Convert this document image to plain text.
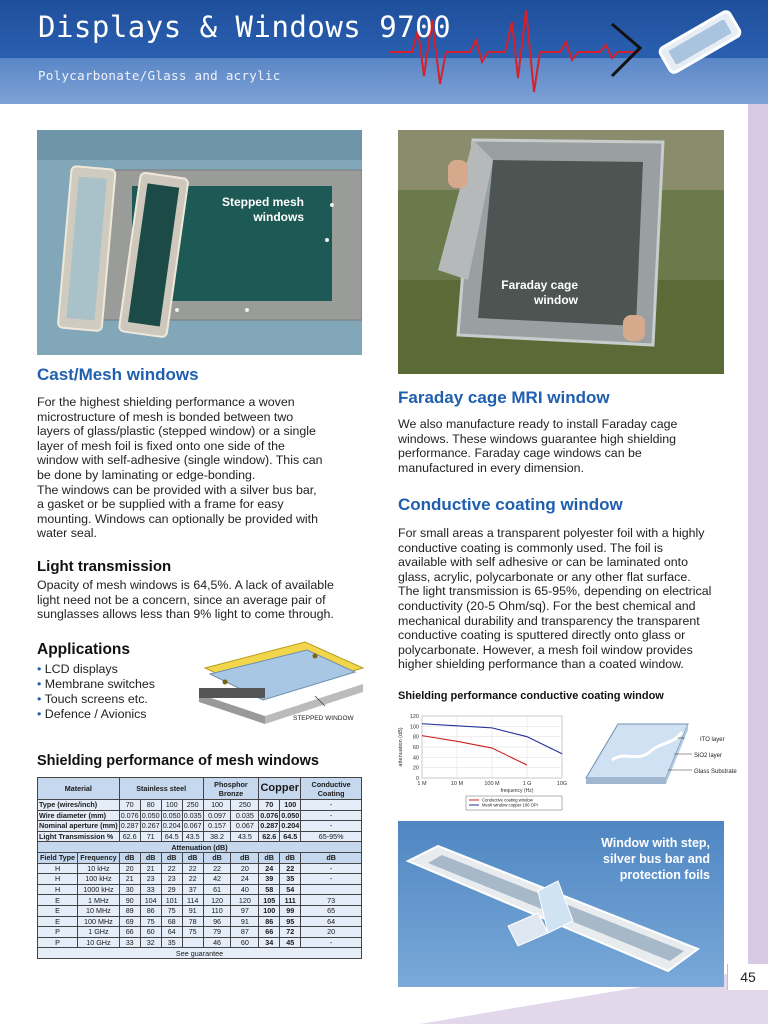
Displays & Windows 9700
Polycarbonate/Glass and acrylic
Stepped mesh
windows
Faraday cage
window
Cast/Mesh windows

For the highest shielding performance a woven

microstructure of mesh is bonded between two

layers of glass/plastic (stepped window) or a single

layer of mesh foil is fixed onto one side of the

window with self-adhesive (single window). This can

be done by laminating or edge-bonding.

The windows can be provided with a silver bus bar,

a gasket or be supplied with a frame for easy

mounting. Windows can optionally be provided with

water seal.

Light transmission

Opacity of mesh windows is 64,5%. A lack of available

light need not be a concern, since an average pair of

sunglasses allows less than 9% light to come through.

Applications
• LCD displays
• Membrane switches
• Touch screens etc.
• Defence / Avionics	STEPPED WINDOW
Faraday cage MRI window

We also manufacture ready to install Faraday cage

windows. These windows guarantee high shielding

performance. Faraday cage windows can be

manufactured in every dimension.

Conductive coating window

For small areas a transparent polyester foil with a highly

conductive coating is commonly used. The foil is

available with self adhesive or can be laminated onto

glass, acrylic, polycarbonate or any other flat surface.

The light transmission is 65-95%, depending on electrical

conductivity (20-5 Ohm/sq). For the best chemical and

mechanical durability and transparency the transparent

conductive coating is sputtered directly onto glass or

polycarbonate. However, a mesh foil window provides

higher shielding performance than a coated window.

Shielding performance conductive coating window
0
20
40
60
80
100
120
1 M	10 M	100 M	1 G	10G
attenuation (dB)
frequency (Hz)
Conductive coating window
Mesh window copper 100 OPI
ITO layer
SiO2 layer
Glass Substrate
Window with step,
silver bus bar and
protection foils
Shielding performance of mesh windows
Material		Stainless steel				Phosphor Bronze		Copper		Conductive Coating
Type (wires/inch)		70	80	100	250	100	250	70	100	-
Wire diameter (mm)		0.076	0.050	0.050	0.035	0.097	0.035	0.076	0.050	-
Nominal aperture (mm)		0.287	0.267	0.204	0.067	0.157	0.067	0.287	0.204	-
Light Transmission %		62.6	71	64.5	43.5	38.2	43.5	62.6	64.5	65-95%
Attenuation (dB)										
Field Type	Frequency	dB	dB	dB	dB	dB	dB	dB	dB	dB
H	10 kHz	20	21	22	22	22	20	24	22	-
H	100 kHz	21	23	23	22	42	24	39	35	-
H	1000 kHz	30	33	29	37	61	40	58	54	
E	1 MHz	90	104	101	114	120	120	105	111	73
E	10 MHz	89	86	75	91	110	97	100	99	65
E	100 MHz	69	75	68	78	96	91	86	95	64
P	1 GHz	66	60	64	75	79	87	66	72	20
P	10 GHz	33	32	35		46	60	34	45	-
See guarantee										
45
